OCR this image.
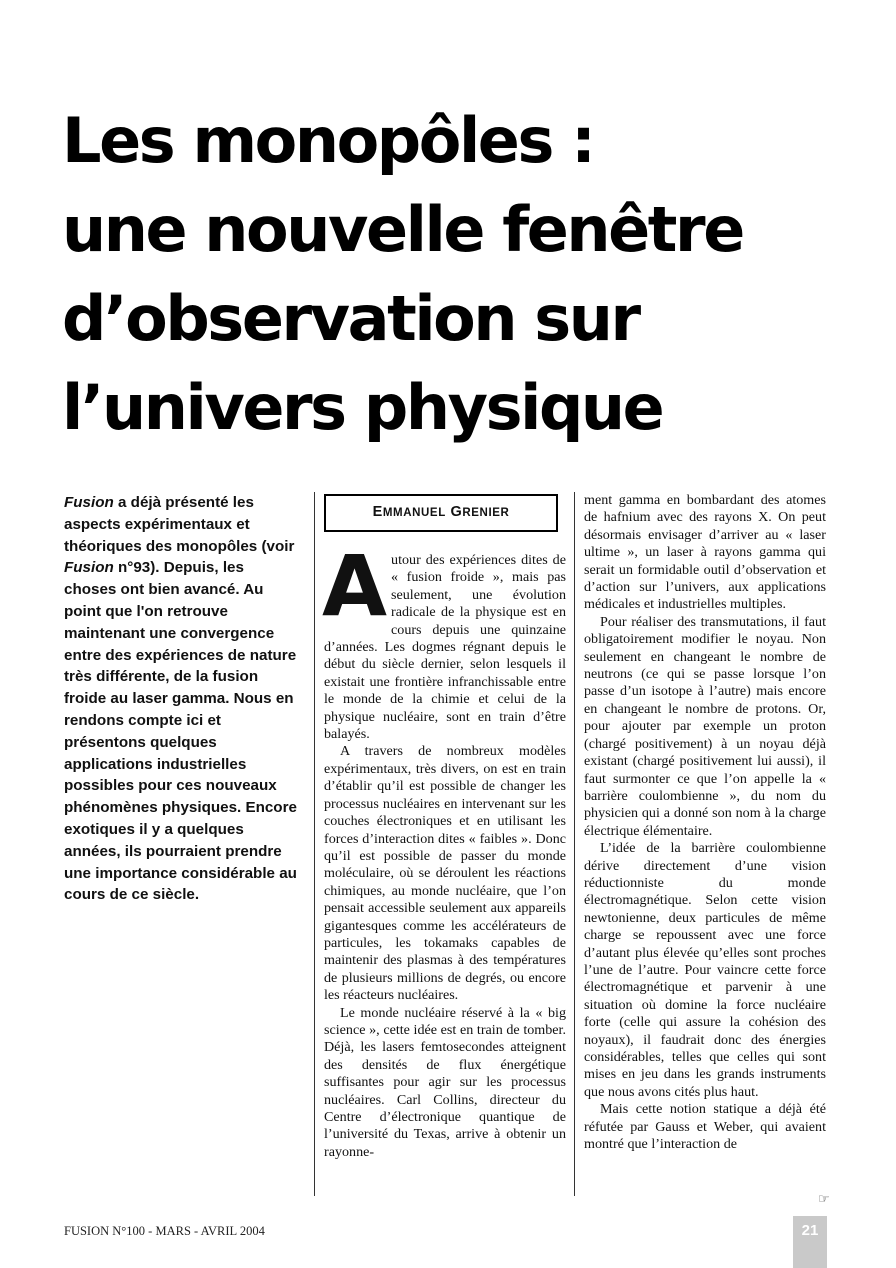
Les monopôles :
une nouvelle fenêtre
d’observation sur
l’univers physique

Fusion a déjà présenté les aspects expérimentaux et théoriques des monopôles (voir Fusion n°93). Depuis, les choses ont bien avancé. Au point que l'on retrouve maintenant une convergence entre des expériences de nature très différente, de la fusion froide au laser gamma. Nous en rendons compte ici et présentons quelques applications industrielles possibles pour ces nouveaux phénomènes physiques. Encore exotiques il y a quelques années, ils pourraient prendre une importance considérable au cours de ce siècle.

EMMANUEL GRENIER

Autour des expériences dites de « fusion froide », mais pas seulement, une évolution radicale de la physique est en cours depuis une quinzaine d’années. Les dogmes régnant depuis le début du siècle dernier, selon lesquels il existait une frontière infranchissable entre le monde de la chimie et celui de la physique nucléaire, sont en train d’être balayés.

A travers de nombreux modèles expérimentaux, très divers, on est en train d’établir qu’il est possible de changer les processus nucléaires en intervenant sur les couches électroniques et en utilisant les forces d’interaction dites « faibles ». Donc qu’il est possible de passer du monde moléculaire, où se déroulent les réactions chimiques, au monde nucléaire, que l’on pensait accessible seulement aux appareils gigantesques comme les accélérateurs de particules, les tokamaks capables de maintenir des plasmas à des températures de plusieurs millions de degrés, ou encore les réacteurs nucléaires.

Le monde nucléaire réservé à la « big science », cette idée est en train de tomber. Déjà, les lasers femtosecondes atteignent des densités de flux énergétique suffisantes pour agir sur les processus nucléaires. Carl Collins, directeur du Centre d’électronique quantique de l’université du Texas, arrive à obtenir un rayonne-

ment gamma en bombardant des atomes de hafnium avec des rayons X. On peut désormais envisager d’arriver au « laser ultime », un laser à rayons gamma qui serait un formidable outil d’observation et d’action sur l’univers, aux applications médicales et industrielles multiples.

Pour réaliser des transmutations, il faut obligatoirement modifier le noyau. Non seulement en changeant le nombre de neutrons (ce qui se passe lorsque l’on passe d’un isotope à l’autre) mais encore en changeant le nombre de protons. Or, pour ajouter par exemple un proton (chargé positivement) à un noyau déjà existant (chargé positivement lui aussi), il faut surmonter ce que l’on appelle la « barrière coulombienne », du nom du physicien qui a donné son nom à la charge électrique élémentaire.

L’idée de la barrière coulombienne dérive directement d’une vision réductionniste du monde électromagnétique. Selon cette vision newtonienne, deux particules de même charge se repoussent avec une force d’autant plus élevée qu’elles sont proches l’une de l’autre. Pour vaincre cette force électromagnétique et parvenir à une situation où domine la force nucléaire forte (celle qui assure la cohésion des noyaux), il faudrait donc des énergies considérables, telles que celles qui sont mises en jeu dans les grands instruments que nous avons cités plus haut.

Mais cette notion statique a déjà été réfutée par Gauss et Weber, qui avaient montré que l’interaction de

☞
FUSION N°100 - MARS - AVRIL 2004	21
